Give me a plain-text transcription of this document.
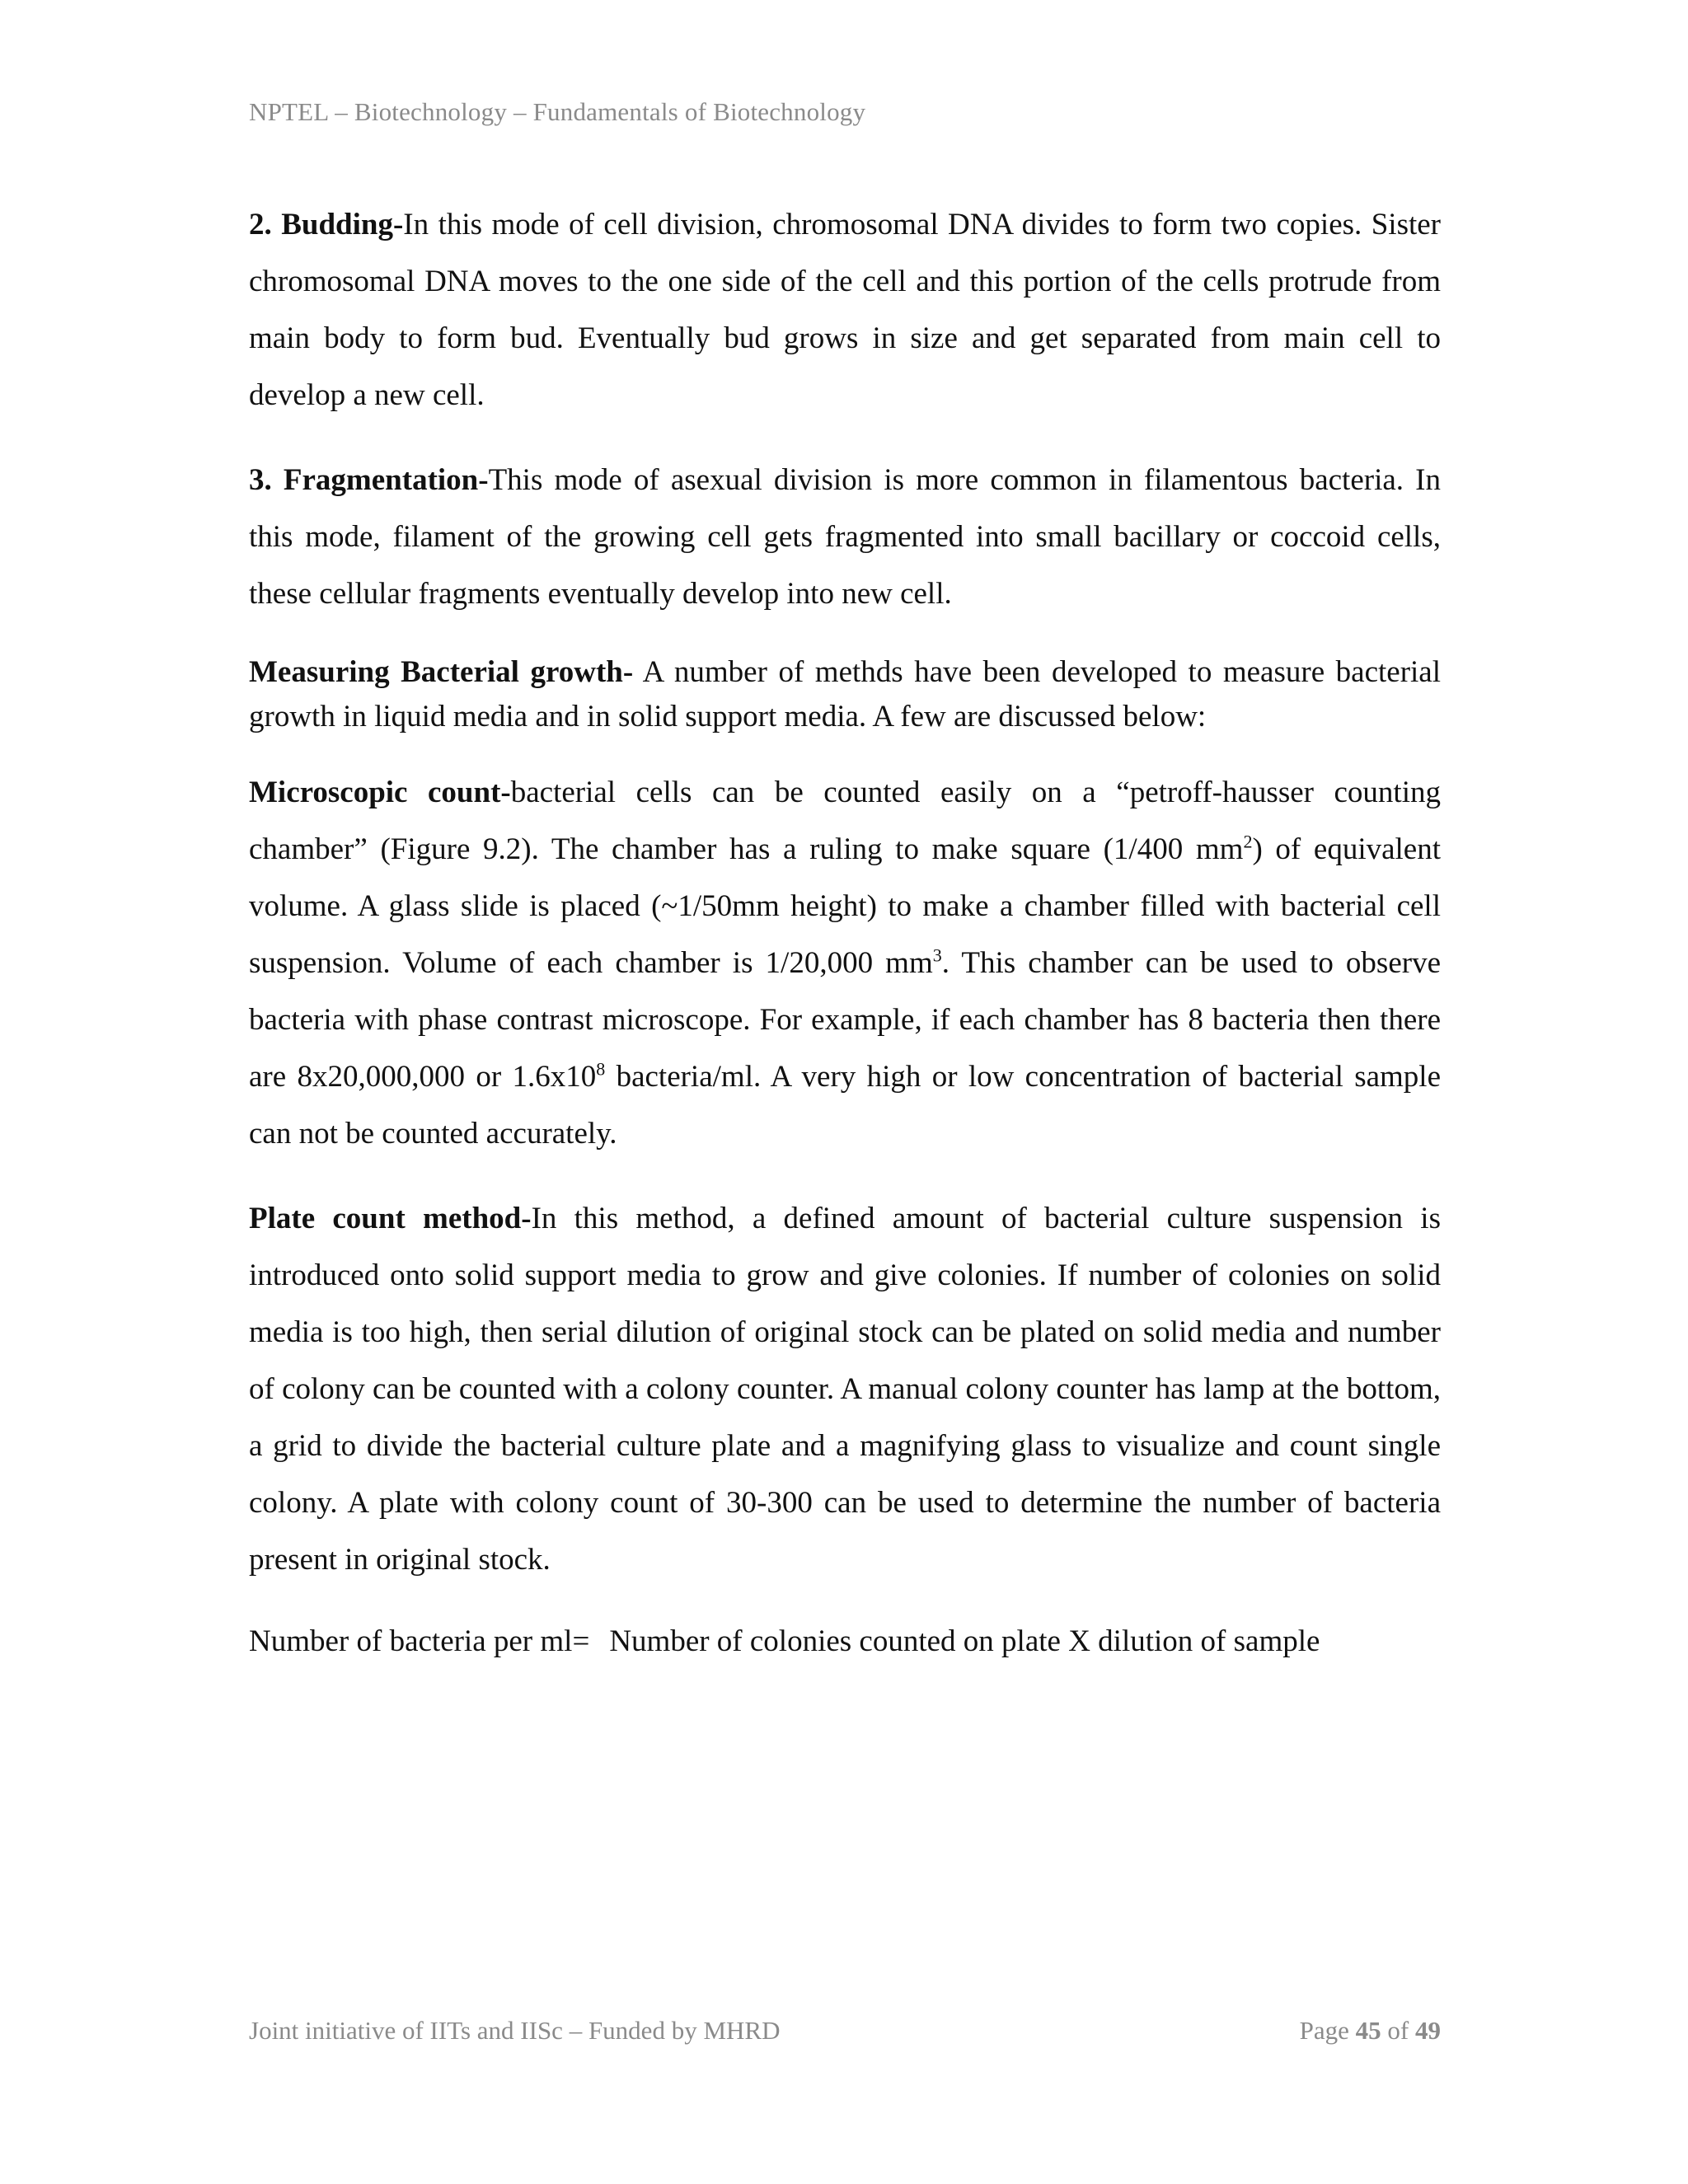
NPTEL – Biotechnology – Fundamentals of Biotechnology

2. Budding-In this mode of cell division, chromosomal DNA divides to form two copies. Sister chromosomal DNA moves to the one side of the cell and this portion of the cells protrude from main body to form bud. Eventually bud grows in size and get separated from main cell to develop a new cell.

3. Fragmentation-This mode of asexual division is more common in filamentous bacteria. In this mode, filament of the growing cell gets fragmented into small bacillary or coccoid cells, these cellular fragments eventually develop into new cell.

Measuring Bacterial growth- A number of methds have been developed to measure bacterial growth in liquid media and in solid support media. A few are discussed below:

Microscopic count-bacterial cells can be counted easily on a “petroff-hausser counting chamber” (Figure 9.2). The chamber has a ruling to make square (1/400 $mm^2$) of equivalent volume. A glass slide is placed (~1/50mm height) to make a chamber filled with bacterial cell suspension. Volume of each chamber is 1/20,000 $mm^3$. This chamber can be used to observe bacteria with phase contrast microscope. For example, if each chamber has 8 bacteria then there are 8x20,000,000 or $1.6x10^8$ bacteria/ml. A very high or low concentration of bacterial sample can not be counted accurately.

Plate count method-In this method, a defined amount of bacterial culture suspension is introduced onto solid support media to grow and give colonies. If number of colonies on solid media is too high, then serial dilution of original stock can be plated on solid media and number of colony can be counted with a colony counter. A manual colony counter has lamp at the bottom, a grid to divide the bacterial culture plate and a magnifying glass to visualize and count single colony. A plate with colony count of 30-300 can be used to determine the number of bacteria present in original stock.

Number of bacteria per ml= Number of colonies counted on plate X dilution of sample

Joint initiative of IITs and IISc – Funded by MHRD	Page 45 of 49
